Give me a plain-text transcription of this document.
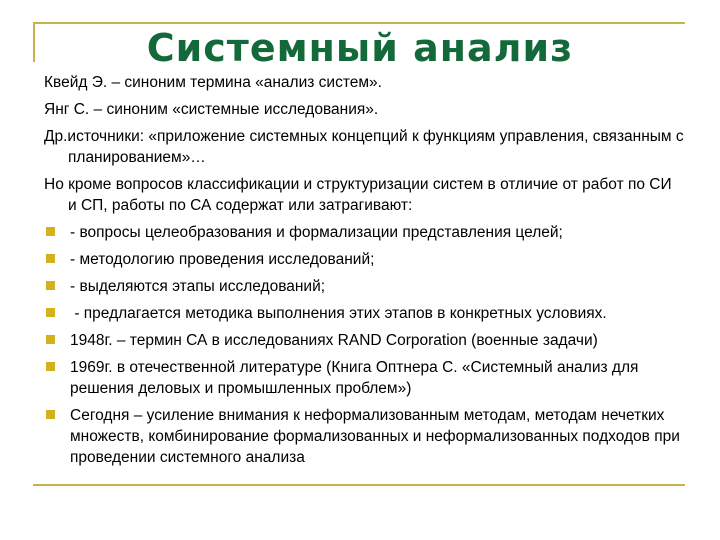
Системный анализ
Квейд Э. – синоним термина «анализ систем».
Янг С. – синоним «системные исследования».
Др.источники: «приложение системных концепций к функциям управления, связанным с планированием»…
Но кроме вопросов классификации и структуризации систем в отличие от работ по СИ и СП, работы по СА содержат или затрагивают:
- вопросы целеобразования и формализации представления целей;
- методологию проведения исследований;
- выделяются этапы исследований;
- предлагается методика выполнения этих этапов в конкретных условиях.
1948г. – термин СА в исследованиях RAND Corporation (военные задачи)
1969г. в отечественной литературе (Книга Оптнера С. «Системный анализ для решения деловых и промышленных проблем»)
Сегодня – усиление внимания к неформализованным методам, методам нечетких множеств, комбинирование формализованных и неформализованных подходов при проведении системного анализа
